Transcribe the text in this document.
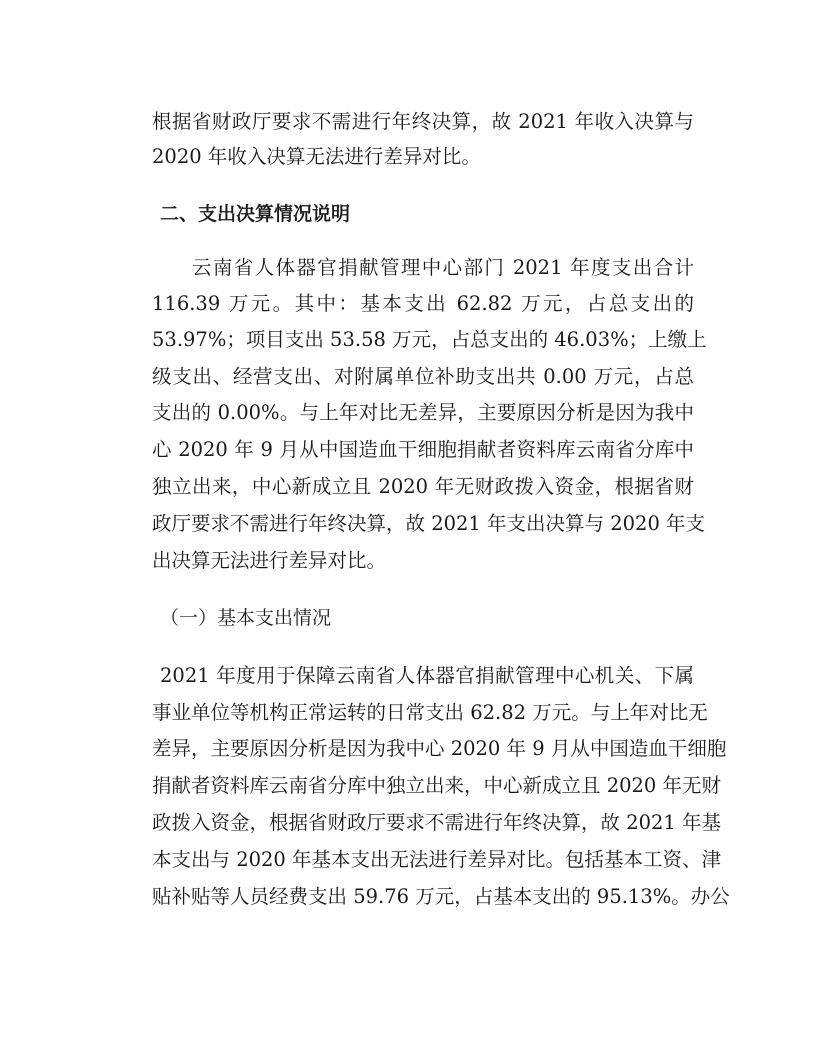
根据省财政厅要求不需进行年终决算，故 2021 年收入决算与
2020 年收入决算无法进行差异对比。
二、支出决算情况说明
云南省人体器官捐献管理中心部门 2021 年度支出合计
116.39 万元。其中：基本支出 62.82 万元，占总支出的
53.97%；项目支出 53.58 万元，占总支出的 46.03%；上缴上
级支出、经营支出、对附属单位补助支出共 0.00 万元，占总
支出的 0.00%。与上年对比无差异，主要原因分析是因为我中
心 2020 年 9 月从中国造血干细胞捐献者资料库云南省分库中
独立出来，中心新成立且 2020 年无财政拨入资金，根据省财
政厅要求不需进行年终决算，故 2021 年支出决算与 2020 年支
出决算无法进行差异对比。
（一）基本支出情况
2021 年度用于保障云南省人体器官捐献管理中心机关、下属
事业单位等机构正常运转的日常支出 62.82 万元。与上年对比无
差异，主要原因分析是因为我中心 2020 年 9 月从中国造血干细胞
捐献者资料库云南省分库中独立出来，中心新成立且 2020 年无财
政拨入资金，根据省财政厅要求不需进行年终决算，故 2021 年基
本支出与 2020 年基本支出无法进行差异对比。包括基本工资、津
贴补贴等人员经费支出 59.76 万元，占基本支出的 95.13%。办公
